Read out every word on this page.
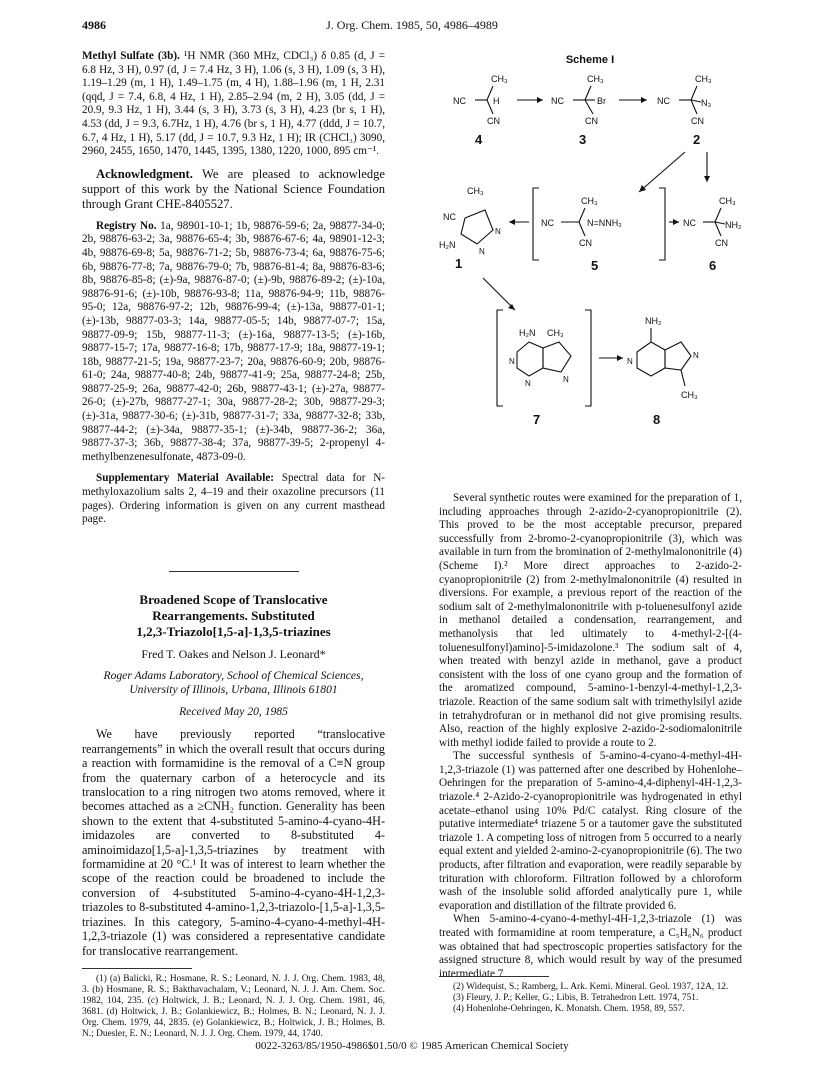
4986	J. Org. Chem. 1985, 50, 4986–4989

Methyl Sulfate (3b). ¹H NMR (360 MHz, CDCl₃) δ 0.85 (d, J = 6.8 Hz, 3 H), 0.97 (d, J = 7.4 Hz, 3 H), 1.06 (s, 3 H), 1.09 (s, 3 H), 1.19–1.29 (m, 1 H), 1.49–1.75 (m, 4 H), 1.88–1.96 (m, 1 H, 2.31 (qqd, J = 7.4, 6.8, 4 Hz, 1 H), 2.85–2.94 (m, 2 H), 3.05 (dd, J = 20.9, 9.3 Hz, 1 H), 3.44 (s, 3 H), 3.73 (s, 3 H), 4.23 (br s, 1 H), 4.53 (dd, J = 9.3, 6.7Hz, 1 H), 4.76 (br s, 1 H), 4.77 (ddd, J = 10.7, 6.7, 4 Hz, 1 H), 5.17 (dd, J = 10.7, 9.3 Hz, 1 H); IR (CHCl₃) 3090, 2960, 2455, 1650, 1470, 1445, 1395, 1380, 1220, 1000, 895 cm⁻¹.

Acknowledgment. We are pleased to acknowledge support of this work by the National Science Foundation through Grant CHE-8405527.

Registry No. 1a, 98901-10-1; 1b, 98876-59-6; 2a, 98877-34-0; 2b, 98876-63-2; 3a, 98876-65-4; 3b, 98876-67-6; 4a, 98901-12-3; 4b, 98876-69-8; 5a, 98876-71-2; 5b, 98876-73-4; 6a, 98876-75-6; 6b, 98876-77-8; 7a, 98876-79-0; 7b, 98876-81-4; 8a, 98876-83-6; 8b, 98876-85-8; (±)-9a, 98876-87-0; (±)-9b, 98876-89-2; (±)-10a, 98876-91-6; (±)-10b, 98876-93-8; 11a, 98876-94-9; 11b, 98876-95-0; 12a, 98876-97-2; 12b, 98876-99-4; (±)-13a, 98877-01-1; (±)-13b, 98877-03-3; 14a, 98877-05-5; 14b, 98877-07-7; 15a, 98877-09-9; 15b, 98877-11-3; (±)-16a, 98877-13-5; (±)-16b, 98877-15-7; 17a, 98877-16-8; 17b, 98877-17-9; 18a, 98877-19-1; 18b, 98877-21-5; 19a, 98877-23-7; 20a, 98876-60-9; 20b, 98876-61-0; 24a, 98877-40-8; 24b, 98877-41-9; 25a, 98877-24-8; 25b, 98877-25-9; 26a, 98877-42-0; 26b, 98877-43-1; (±)-27a, 98877-26-0; (±)-27b, 98877-27-1; 30a, 98877-28-2; 30b, 98877-29-3; (±)-31a, 98877-30-6; (±)-31b, 98877-31-7; 33a, 98877-32-8; 33b, 98877-44-2; (±)-34a, 98877-35-1; (±)-34b, 98877-36-2; 36a, 98877-37-3; 36b, 98877-38-4; 37a, 98877-39-5; 2-propenyl 4-methylbenzenesulfonate, 4873-09-0.

Supplementary Material Available: Spectral data for N-methyloxazolium salts 2, 4–19 and their oxazoline precursors (11 pages). Ordering information is given on any current masthead page.

Broadened Scope of Translocative

Rearrangements. Substituted

1,2,3-Triazolo[1,5-a]-1,3,5-triazines

Fred T. Oakes and Nelson J. Leonard*

Roger Adams Laboratory, School of Chemical Sciences,

University of Illinois, Urbana, Illinois 61801

Received May 20, 1985

We have previously reported “translocative rearrangements” in which the overall result that occurs during a reaction with formamidine is the removal of a C≡N group from the quaternary carbon of a heterocycle and its translocation to a ring nitrogen two atoms removed, where it becomes attached as a ≥CNH₂ function. Generality has been shown to the extent that 4-substituted 5-amino-4-cyano-4H-imidazoles are converted to 8-substituted 4-aminoimidazo[1,5-a]-1,3,5-triazines by treatment with formamidine at 20 °C.¹ It was of interest to learn whether the scope of the reaction could be broadened to include the conversion of 4-substituted 5-amino-4-cyano-4H-1,2,3-triazoles to 8-substituted 4-amino-1,2,3-triazolo-[1,5-a]-1,3,5-triazines. In this category, 5-amino-4-cyano-4-methyl-4H-1,2,3-triazole (1) was considered a representative candidate for translocative rearrangement.

(1) (a) Balicki, R.; Hosmane, R. S.; Leonard, N. J. J. Org. Chem. 1983, 48, 3. (b) Hosmane, R. S.; Bakthavachalam, V.; Leonard, N. J. J. Am. Chem. Soc. 1982, 104, 235. (c) Holtwick, J. B.; Leonard, N. J. J. Org. Chem. 1981, 46, 3681. (d) Holtwick, J. B.; Golankiewicz, B.; Holmes, B. N.; Leonard, N. J. J. Org. Chem. 1979, 44, 2835. (e) Golankiewicz, B.; Holtwick, J. B.; Holmes, B. N.; Duesler, E. N.; Leonard, N. J. J. Org. Chem. 1979, 44, 1740.

Scheme I
NC
CH₃
H
CN
4
NC
CH₃
Br
CN
3
NC
CH₃
N₃
CN
2
CH₃
NC
H₂N
N
N
1
NC
CH₃
N=NNH₂
CN
5
NC
CH₃
NH₂
CN
6
H₂N CH₃
N
N	N
7
NH₂
N
N
CH₃
8

Several synthetic routes were examined for the preparation of 1, including approaches through 2-azido-2-cyanopropionitrile (2). This proved to be the most acceptable precursor, prepared successfully from 2-bromo-2-cyanopropionitrile (3), which was available in turn from the bromination of 2-methylmalononitrile (4) (Scheme I).² More direct approaches to 2-azido-2-cyanopropionitrile (2) from 2-methylmalononitrile (4) resulted in diversions. For example, a previous report of the reaction of the sodium salt of 2-methylmalononitrile with p-toluenesulfonyl azide in methanol detailed a condensation, rearrangement, and methanolysis that led ultimately to 4-methyl-2-[(4-toluenesulfonyl)amino]-5-imidazolone.³ The sodium salt of 4, when treated with benzyl azide in methanol, gave a product consistent with the loss of one cyano group and the formation of the aromatized compound, 5-amino-1-benzyl-4-methyl-1,2,3-triazole. Reaction of the same sodium salt with trimethylsilyl azide in tetrahydrofuran or in methanol did not give promising results. Also, reaction of the highly explosive 2-azido-2-sodiomalonitrile with methyl iodide failed to provide a route to 2.

The successful synthesis of 5-amino-4-cyano-4-methyl-4H-1,2,3-triazole (1) was patterned after one described by Hohenlohe–Oehringen for the preparation of 5-amino-4,4-diphenyl-4H-1,2,3-triazole.⁴ 2-Azido-2-cyanopropionitrile was hydrogenated in ethyl acetate–ethanol using 10% Pd/C catalyst. Ring closure of the putative intermediate⁴ triazene 5 or a tautomer gave the substituted triazole 1. A competing loss of nitrogen from 5 occurred to a nearly equal extent and yielded 2-amino-2-cyanopropionitrile (6). The two products, after filtration and evaporation, were readily separable by trituration with chloroform. Filtration followed by a chloroform wash of the insoluble solid afforded analytically pure 1, while evaporation and distillation of the filtrate provided 6.

When 5-amino-4-cyano-4-methyl-4H-1,2,3-triazole (1) was treated with formamidine at room temperature, a C₅H₆N₆ product was obtained that had spectroscopic properties satisfactory for the assigned structure 8, which would result by way of the presumed intermediate 7

(2) Widequist, S.; Ramberg, L. Ark. Kemi. Mineral. Geol. 1937, 12A, 12.

(3) Fleury, J. P.; Keller, G.; Libis, B. Tetrahedron Lett. 1974, 751.

(4) Hohenlohe-Oehringen, K. Monatsh. Chem. 1958, 89, 557.

0022-3263/85/1950-4986$01.50/0 © 1985 American Chemical Society
